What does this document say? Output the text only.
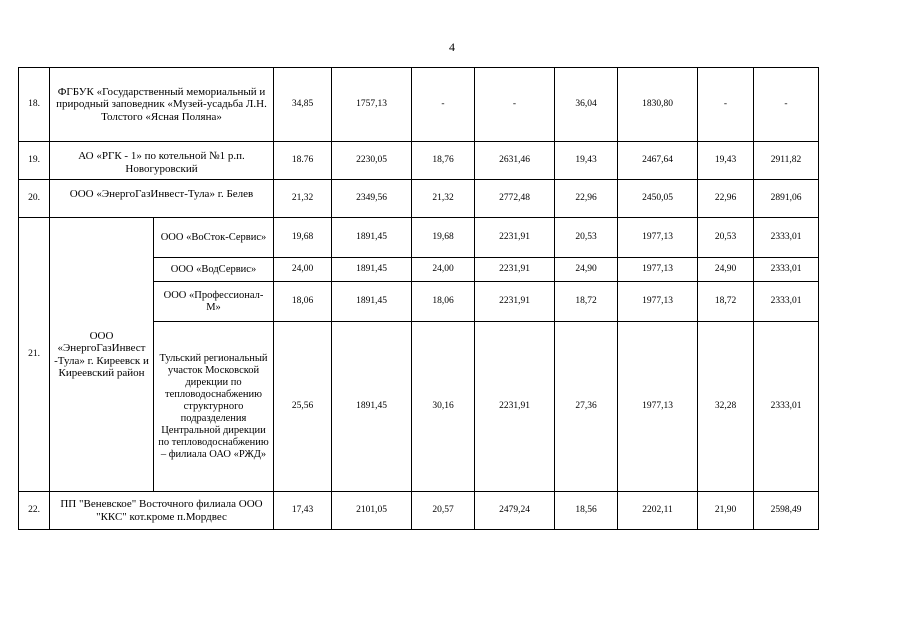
4
18.	ФГБУК «Государственный мемориальный и природный заповедник «Музей-усадьба Л.Н. Толстого «Ясная Поляна»		34,85	1757,13	-	-	36,04	1830,80	-	-
19.	АО «РГК - 1» по котельной №1 р.п. Новогуровский		18.76	2230,05	18,76	2631,46	19,43	2467,64	19,43	2911,82
20.	ООО «ЭнергоГазИнвест-Тула» г. Белев		21,32	2349,56	21,32	2772,48	22,96	2450,05	22,96	2891,06
21.	ООО «ЭнергоГазИнвест -Тула» г. Киреевск и Киреевский район	ООО «ВоСток-Сервис»	19,68	1891,45	19,68	2231,91	20,53	1977,13	20,53	2333,01
		ООО «ВодСервис»	24,00	1891,45	24,00	2231,91	24,90	1977,13	24,90	2333,01
		ООО «Профессионал-М»	18,06	1891,45	18,06	2231,91	18,72	1977,13	18,72	2333,01
		Тульский региональный участок Московской дирекции по тепловодоснабжению структурного подразделения Центральной дирекции по тепловодоснабжению – филиала ОАО «РЖД»	25,56	1891,45	30,16	2231,91	27,36	1977,13	32,28	2333,01
22.	ПП "Веневское" Восточного филиала ООО "ККС" кот.кроме п.Мордвес		17,43	2101,05	20,57	2479,24	18,56	2202,11	21,90	2598,49
